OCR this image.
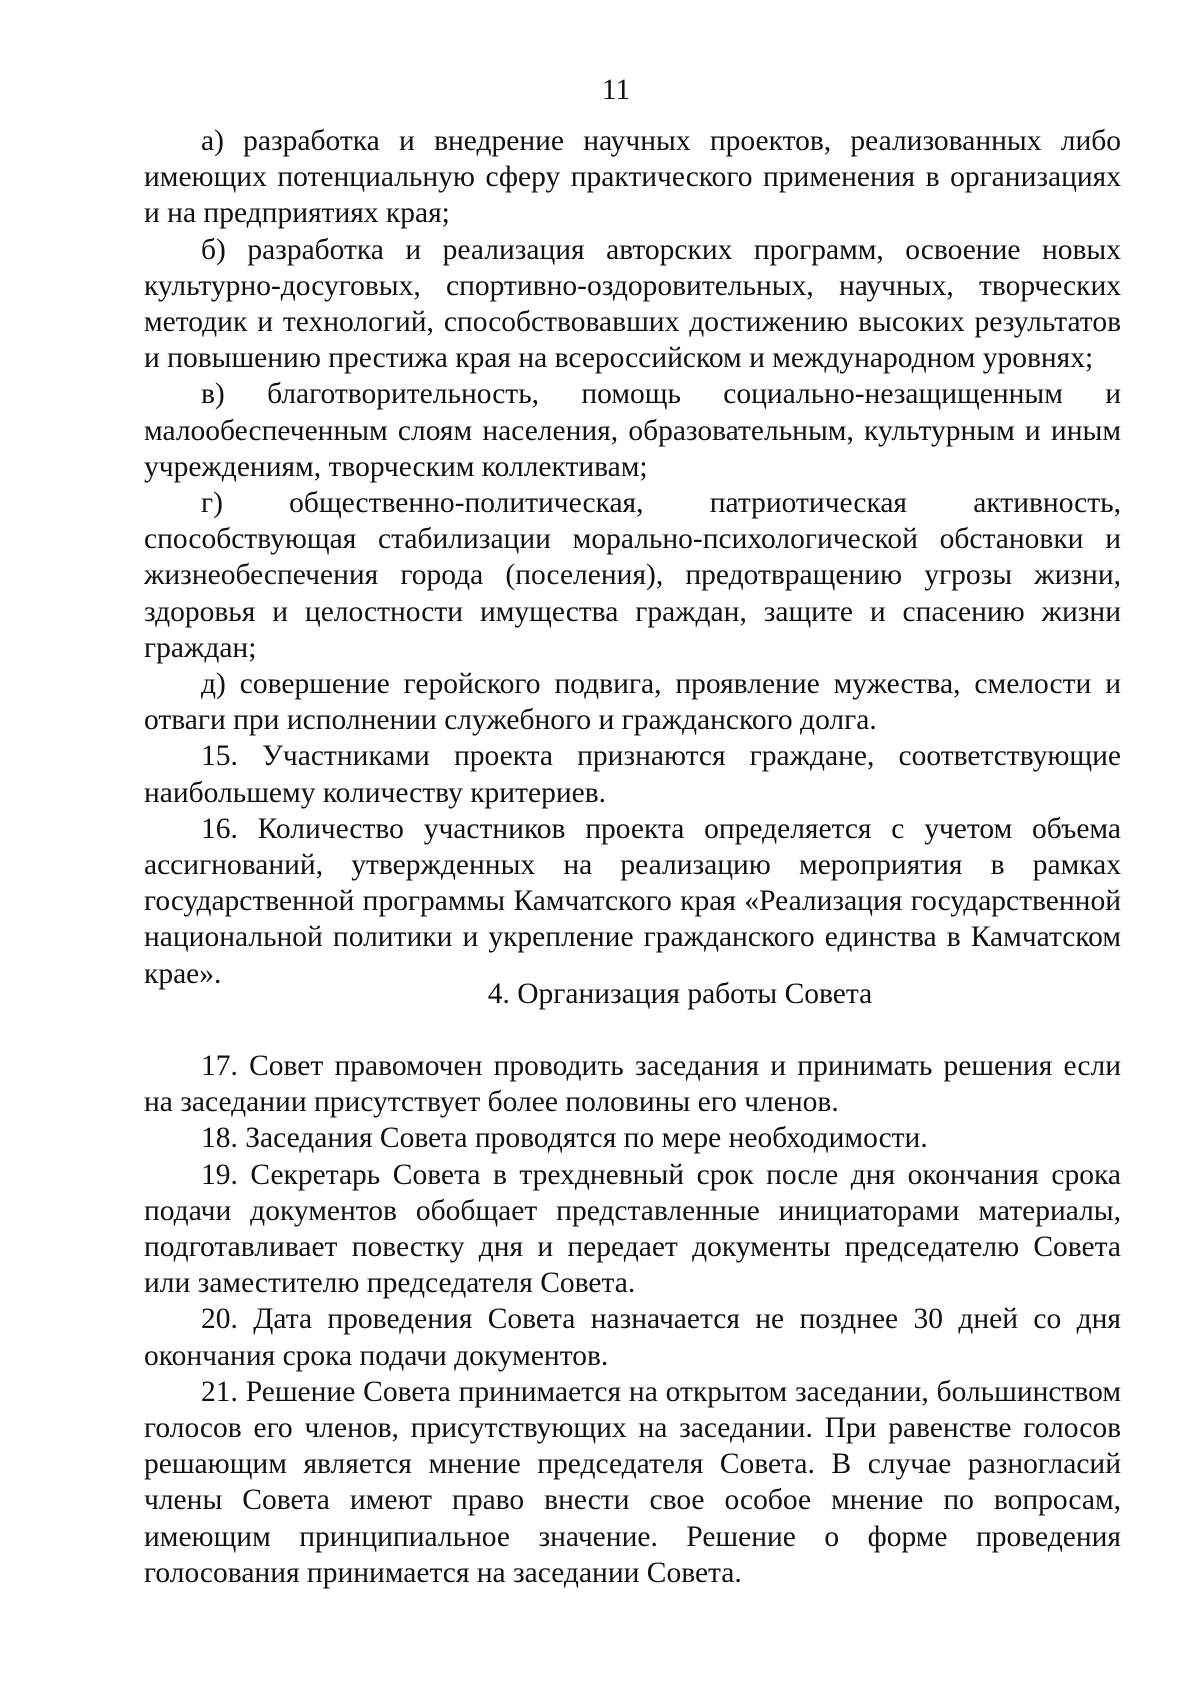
11

а) разработка и внедрение научных проектов, реализованных либо имеющих потенциальную сферу практического применения в организациях и на предприятиях края;

б) разработка и реализация авторских программ, освоение новых культурно-досуговых, спортивно-оздоровительных, научных, творческих методик и технологий, способствовавших достижению высоких результатов и повышению престижа края на всероссийском и международном уровнях;

в) благотворительность, помощь социально-незащищенным и малообеспеченным слоям населения, образовательным, культурным и иным учреждениям, творческим коллективам;

г) общественно-политическая, патриотическая активность, способствующая стабилизации морально-психологической обстановки и жизнеобеспечения города (поселения), предотвращению угрозы жизни, здоровья и целостности имущества граждан, защите и спасению жизни граждан;

д) совершение геройского подвига, проявление мужества, смелости и отваги при исполнении служебного и гражданского долга.

15. Участниками проекта признаются граждане, соответствующие наибольшему количеству критериев.

16. Количество участников проекта определяется с учетом объема ассигнований, утвержденных на реализацию мероприятия в рамках государственной программы Камчатского края «Реализация государственной национальной политики и укрепление гражданского единства в Камчатском крае».

4. Организация работы Совета

17. Совет правомочен проводить заседания и принимать решения если на заседании присутствует более половины его членов.

18. Заседания Совета проводятся по мере необходимости.

19. Секретарь Совета в трехдневный срок после дня окончания срока подачи документов обобщает представленные инициаторами материалы, подготавливает повестку дня и передает документы председателю Совета или заместителю председателя Совета.

20. Дата проведения Совета назначается не позднее 30 дней со дня окончания срока подачи документов.

21. Решение Совета принимается на открытом заседании, большинством голосов его членов, присутствующих на заседании. При равенстве голосов решающим является мнение председателя Совета. В случае разногласий члены Совета имеют право внести свое особое мнение по вопросам, имеющим принципиальное значение. Решение о форме проведения голосования принимается на заседании Совета.
